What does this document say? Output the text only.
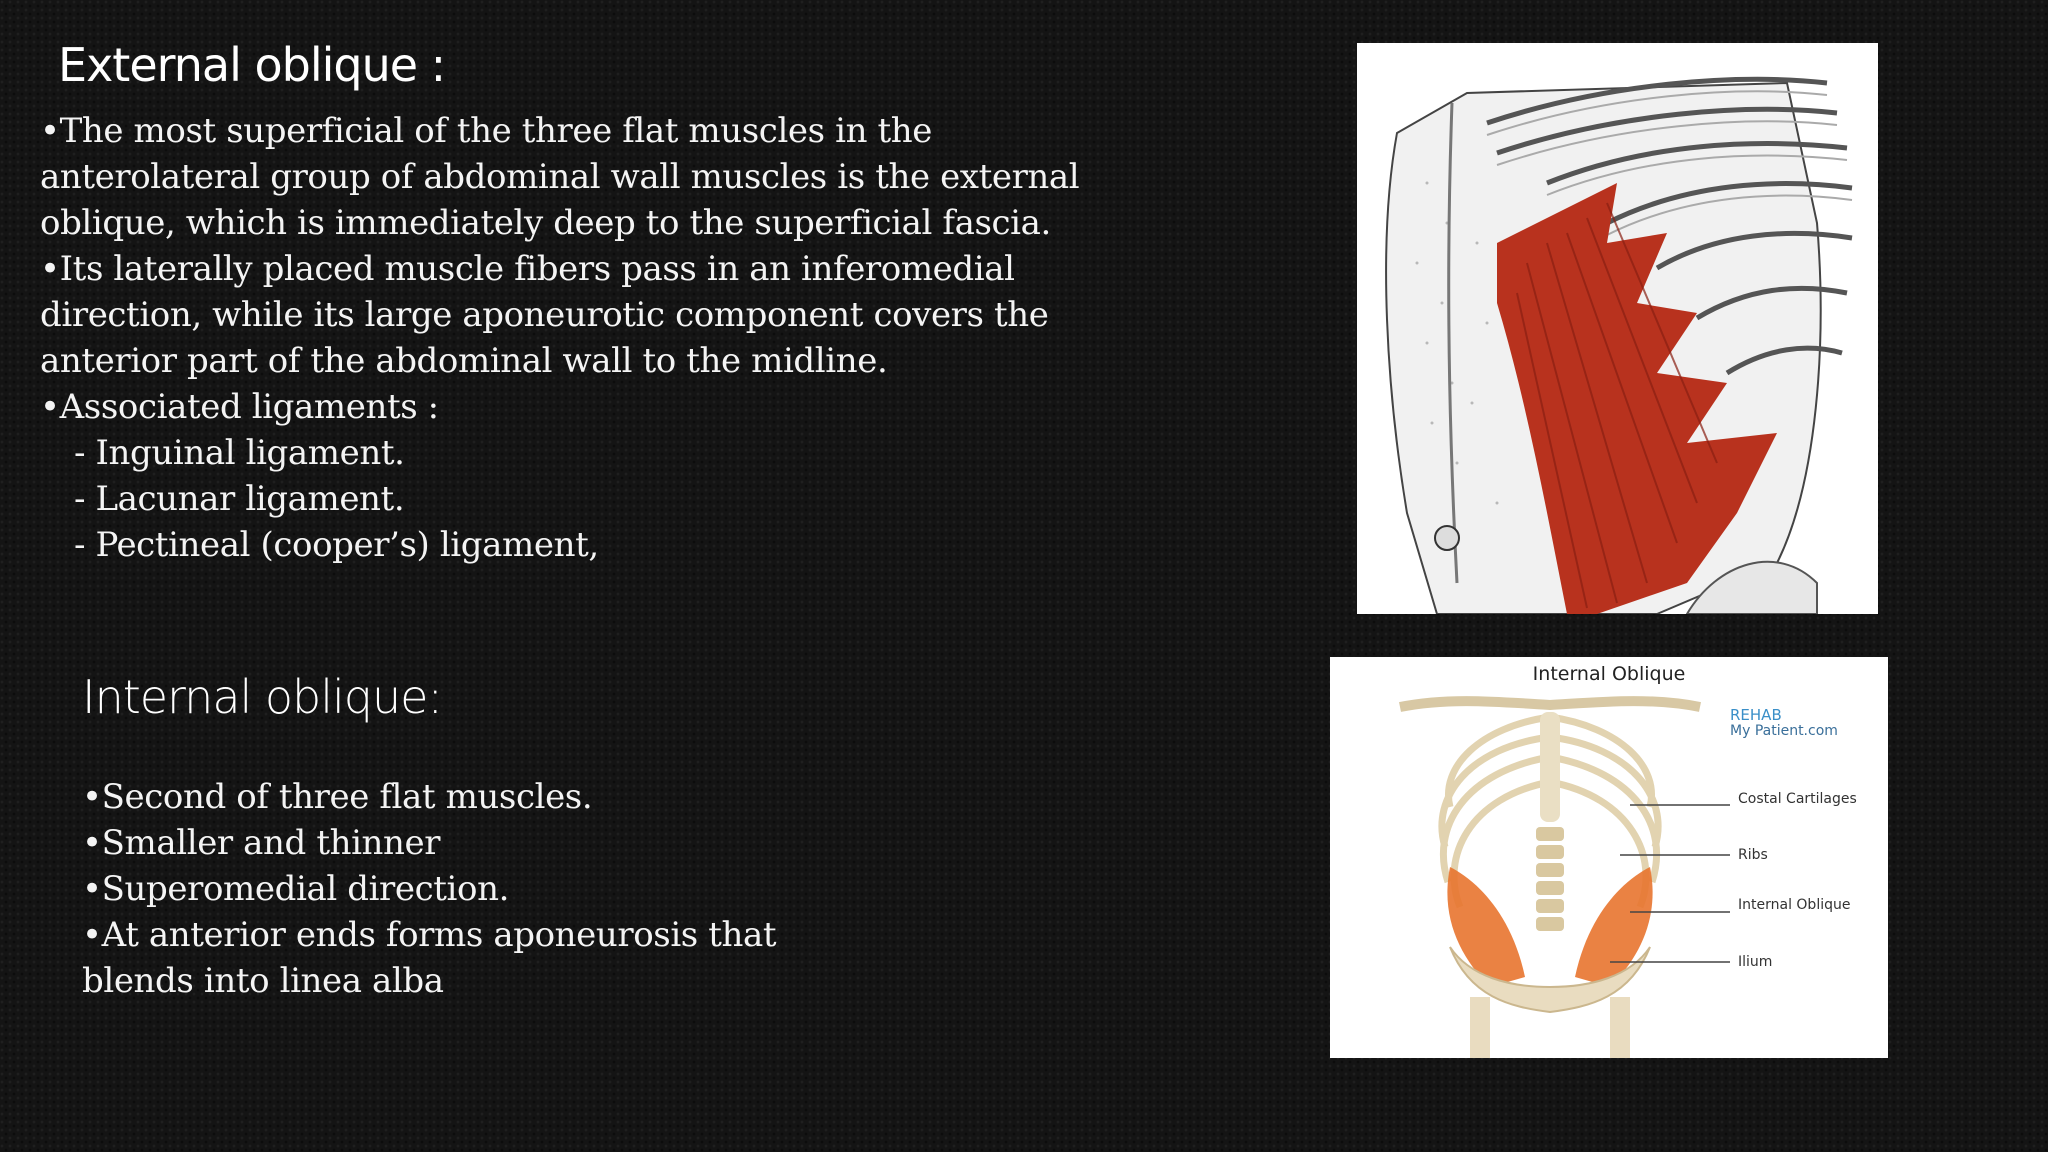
External oblique :

•The most superficial of the three flat muscles in the anterolateral group of abdominal wall muscles is the external oblique, which is immediately deep to the superficial fascia.

•Its laterally placed muscle fibers pass in an inferomedial direction, while its large aponeurotic component covers the anterior part of the abdominal wall to the midline.

•Associated ligaments :

- Inguinal ligament.

- Lacunar ligament.

- Pectineal (cooper’s) ligament,

Internal oblique:

•Second of three flat muscles.

•Smaller and thinner

•Superomedial direction.

•At anterior ends forms aponeurosis that blends into linea alba

Internal Oblique
REHAB
My Patient.com
Costal Cartilages
Ribs
Internal Oblique
Ilium
